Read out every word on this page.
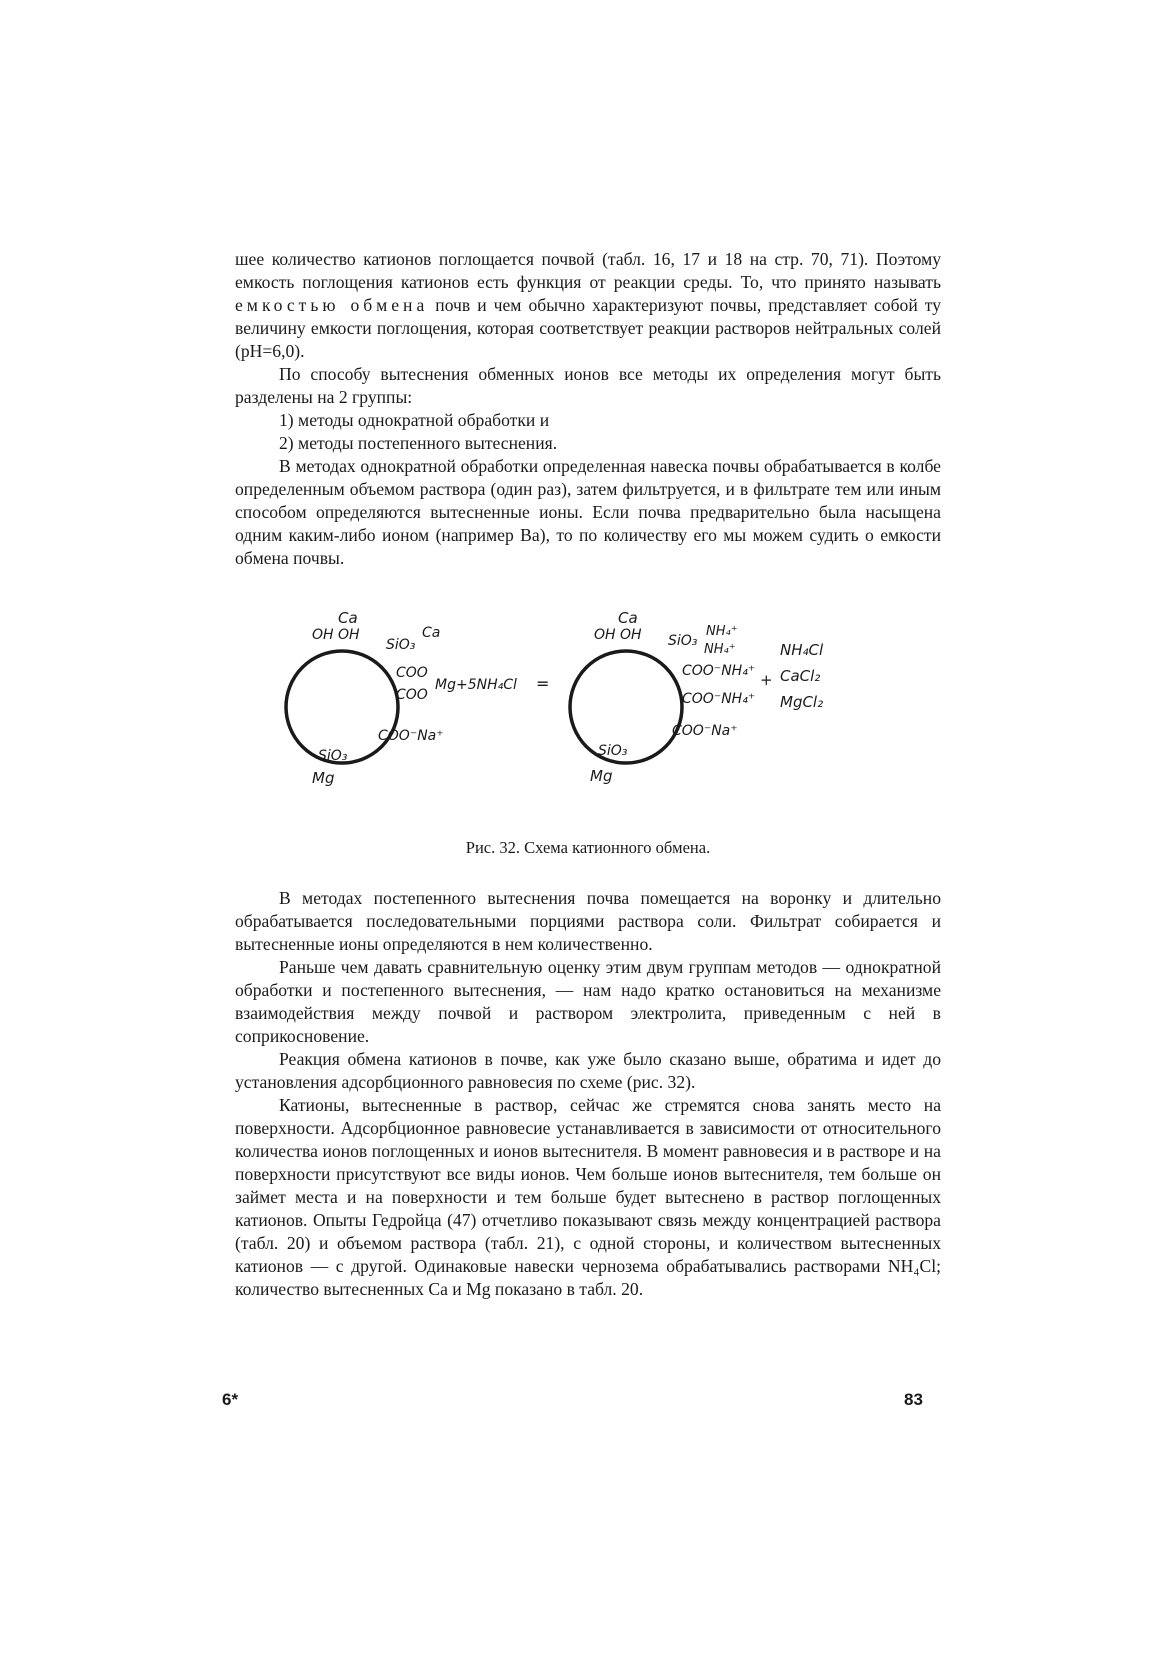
шее количество катионов поглощается почвой (табл. 16, 17 и 18 на стр. 70, 71). Поэтому емкость поглощения катионов есть функция от реакции среды. То, что принято называть емкостью обмена почв и чем обычно характеризуют почвы, представляет собой ту величину емкости поглощения, которая соответствует реакции растворов нейтральных солей (pH=6,0).

По способу вытеснения обменных ионов все методы их определения могут быть разделены на 2 группы:

1) методы однократной обработки и

2) методы постепенного вытеснения.

В методах однократной обработки определенная навеска почвы обрабатывается в колбе определенным объемом раствора (один раз), затем фильтруется, и в фильтрате тем или иным способом определяются вытесненные ионы. Если почва предварительно была насыщена одним каким-либо ионом (например Ba), то по количеству его мы можем судить о емкости обмена почвы.

Ca
OH OH
SiO₃
Ca
COO
COO
Mg+5NH₄Cl
COO⁻Na⁺
SiO₃
Mg
=
Ca
OH OH SiO₃
NH₄⁺
NH₄⁺
COO⁻NH₄⁺
COO⁻NH₄⁺
COO⁻Na⁺
SiO₃
Mg
+
NH₄Cl
CaCl₂
MgCl₂

Рис. 32. Схема катионного обмена.

В методах постепенного вытеснения почва помещается на воронку и длительно обрабатывается последовательными порциями раствора соли. Фильтрат собирается и вытесненные ионы определяются в нем количественно.

Раньше чем давать сравнительную оценку этим двум группам методов — однократной обработки и постепенного вытеснения, — нам надо кратко остановиться на механизме взаимодействия между почвой и раствором электролита, приведенным с ней в соприкосновение.

Реакция обмена катионов в почве, как уже было сказано выше, обратима и идет до установления адсорбционного равновесия по схеме (рис. 32).

Катионы, вытесненные в раствор, сейчас же стремятся снова занять место на поверхности. Адсорбционное равновесие устанавливается в зависимости от относительного количества ионов поглощенных и ионов вытеснителя. В момент равновесия и в растворе и на поверхности присутствуют все виды ионов. Чем больше ионов вытеснителя, тем больше он займет места и на поверхности и тем больше будет вытеснено в раствор поглощенных катионов. Опыты Гедройца (47) отчетливо показывают связь между концентрацией раствора (табл. 20) и объемом раствора (табл. 21), с одной стороны, и количеством вытесненных катионов — с другой. Одинаковые навески чернозема обрабатывались растворами NH₄Cl; количество вытесненных Ca и Mg показано в табл. 20.

6*	83
